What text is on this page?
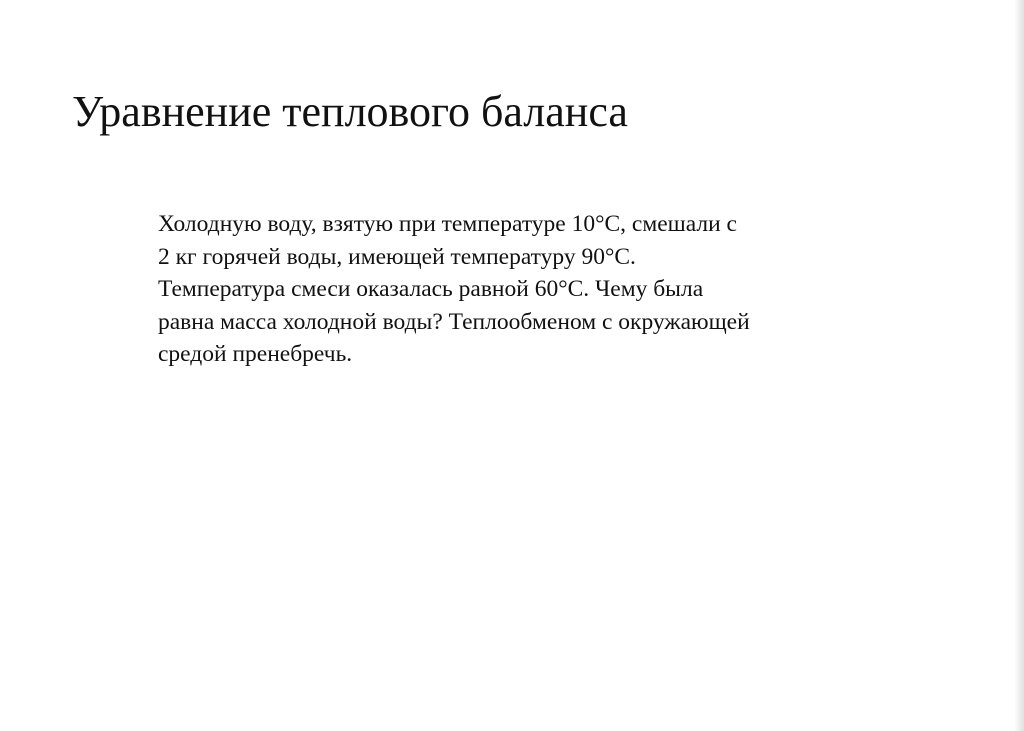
Уравнение теплового баланса
Холодную воду, взятую при температуре 10°С, смешали с
2 кг горячей воды, имеющей температуру 90°С.
Температура смеси оказалась равной 60°С. Чему была
равна масса холодной воды? Теплообменом с окружающей
средой пренебречь.
